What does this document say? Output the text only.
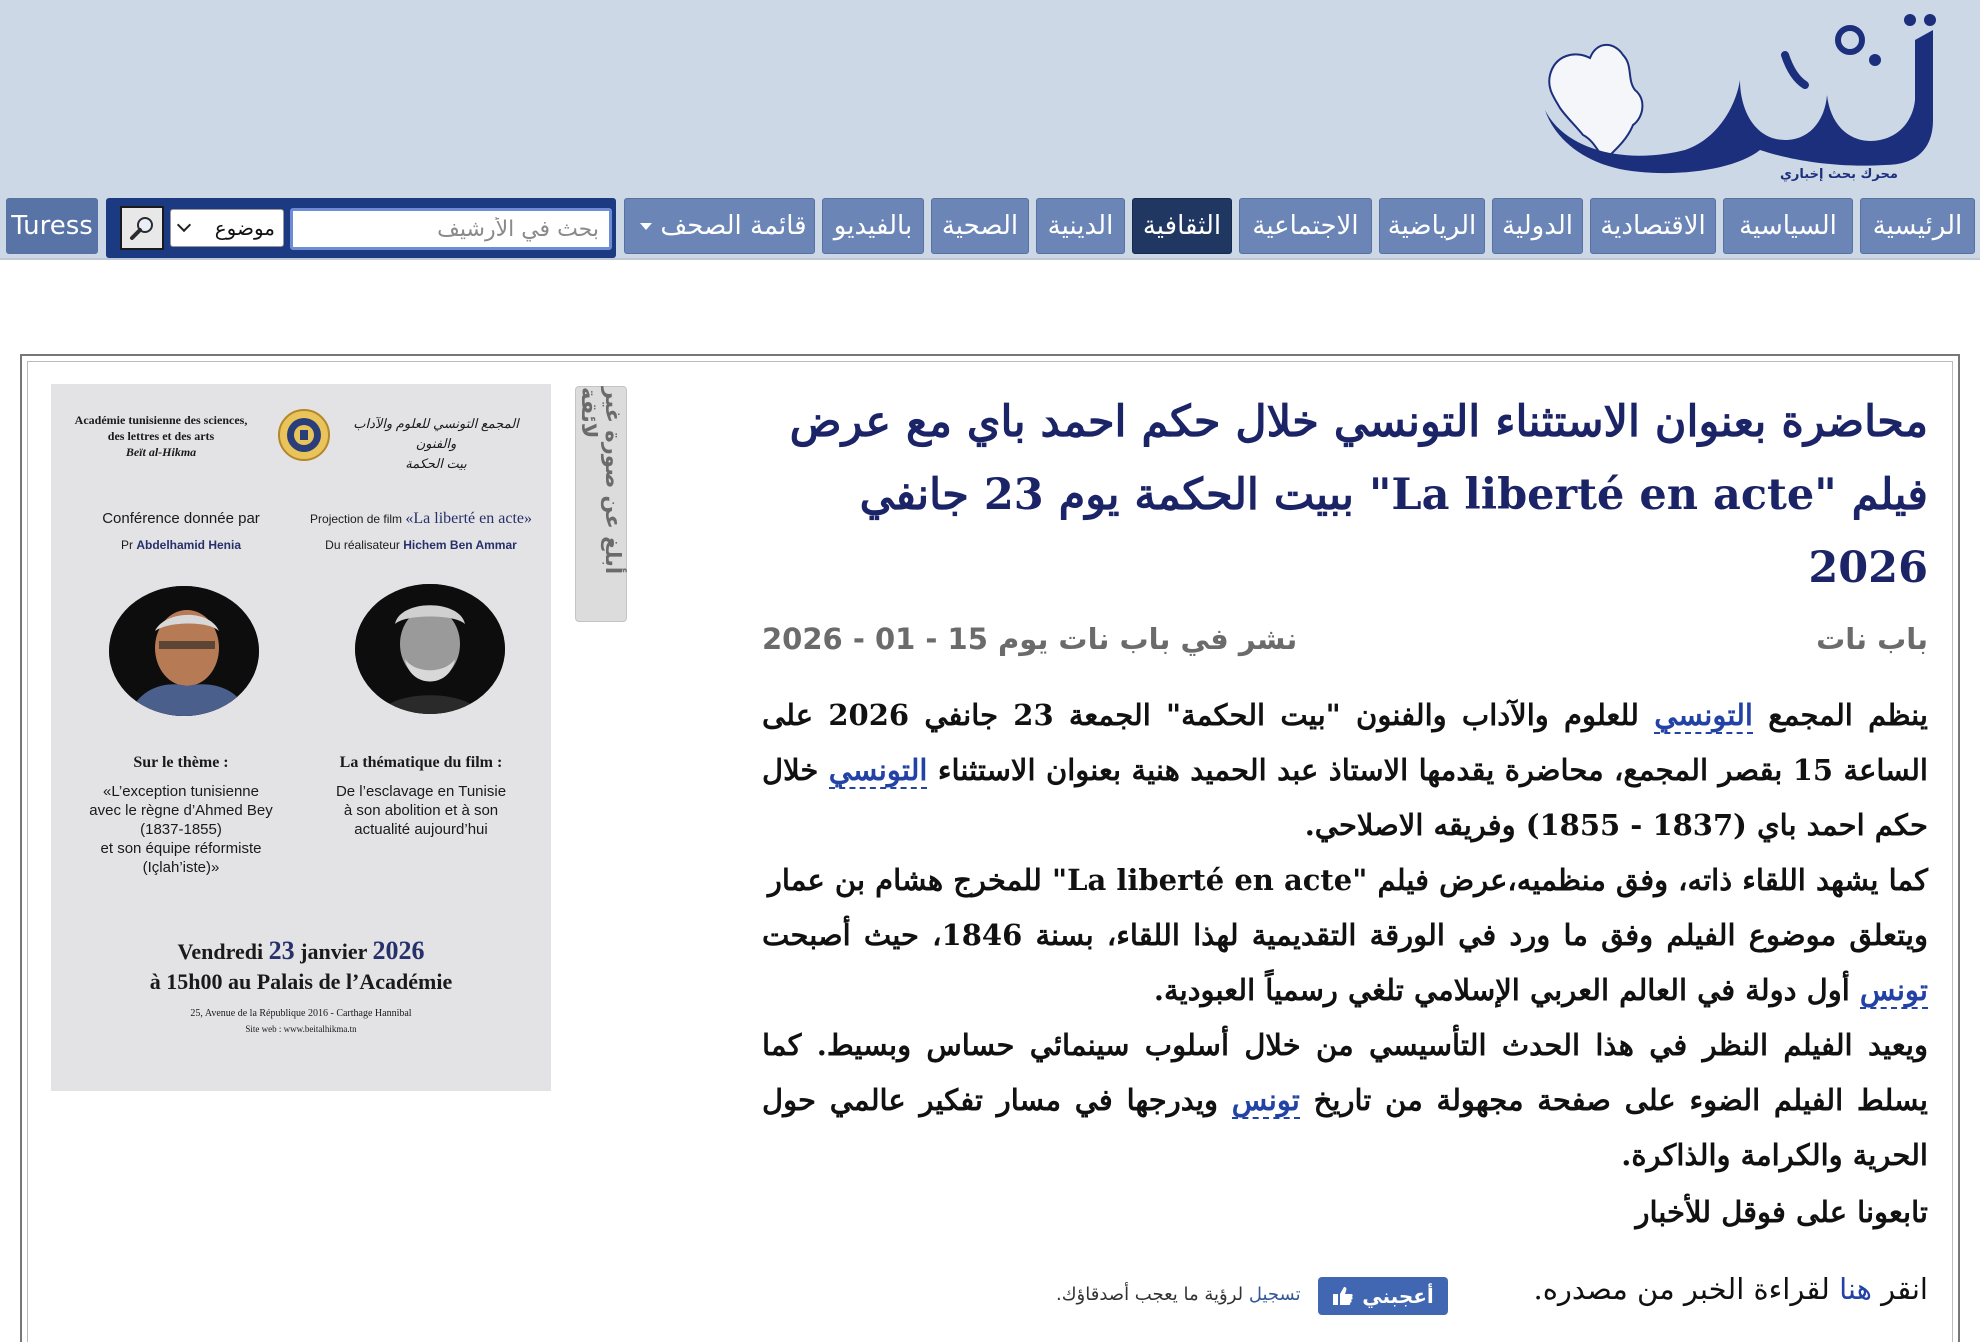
محرك بحث إخباري
الرئيسية
السياسية
الاقتصادية
الدولية
الرياضية
الاجتماعية
الثقافية
الدينية
الصحية
بالفيديو
قائمة الصحف
بحث في الأرشيف
موضوع
Turess
محاضرة بعنوان الاستثناء التونسي خلال حكم احمد باي مع عرض فيلم "La liberté en acte" ببيت الحكمة يوم 23 جانفي 2026
باب نات
نشر في باب نات يوم 15 - 01 - 2026

ينظم المجمع التونسي للعلوم والآداب والفنون "بيت الحكمة" الجمعة 23 جانفي 2026 على الساعة 15 بقصر المجمع، محاضرة يقدمها الاستاذ عبد الحميد هنية بعنوان الاستثناء التونسي خلال حكم احمد باي (1837 - 1855) وفريقه الاصلاحي.

كما يشهد اللقاء ذاته، وفق منظميه،عرض فيلم "La liberté en acte" للمخرج هشام بن عمار

ويتعلق موضوع الفيلم وفق ما ورد في الورقة التقديمية لهذا اللقاء، بسنة 1846، حيث أصبحت تونس أول دولة في العالم العربي الإسلامي تلغي رسمياً العبودية.

ويعيد الفيلم النظر في هذا الحدث التأسيسي من خلال أسلوب سينمائي حساس وبسيط. كما يسلط الفيلم الضوء على صفحة مجهولة من تاريخ تونس ويدرجها في مسار تفكير عالمي حول الحرية والكرامة والذاكرة.

تابعونا على فوقل للأخبار
انقر هنا لقراءة الخبر من مصدره.
أعجبني
تسجيل لرؤية ما يعجب أصدقاؤك.
أبلغ عن صورة غير لائقة
Académie tunisienne des sciences,
des lettres et des arts
Beït al-Hikma
المجمع التونسي للعلوم والآداب والفنون
بيت الحكمة
Conférence donnée par
Pr Abdelhamid Henia
Projection de film «La liberté en acte»
Du réalisateur Hichem Ben Ammar
Sur le thème :
«L’exception tunisienne
avec le règne d’Ahmed Bey
(1837-1855)
et son équipe réformiste
(Içlah’iste)»
La thématique du film :
De l’esclavage en Tunisie
à son abolition et à son
actualité aujourd’hui
Vendredi 23 janvier 2026
à 15h00 au Palais de l’Académie
25, Avenue de la République 2016 - Carthage Hannibal
Site web : www.beitalhikma.tn
